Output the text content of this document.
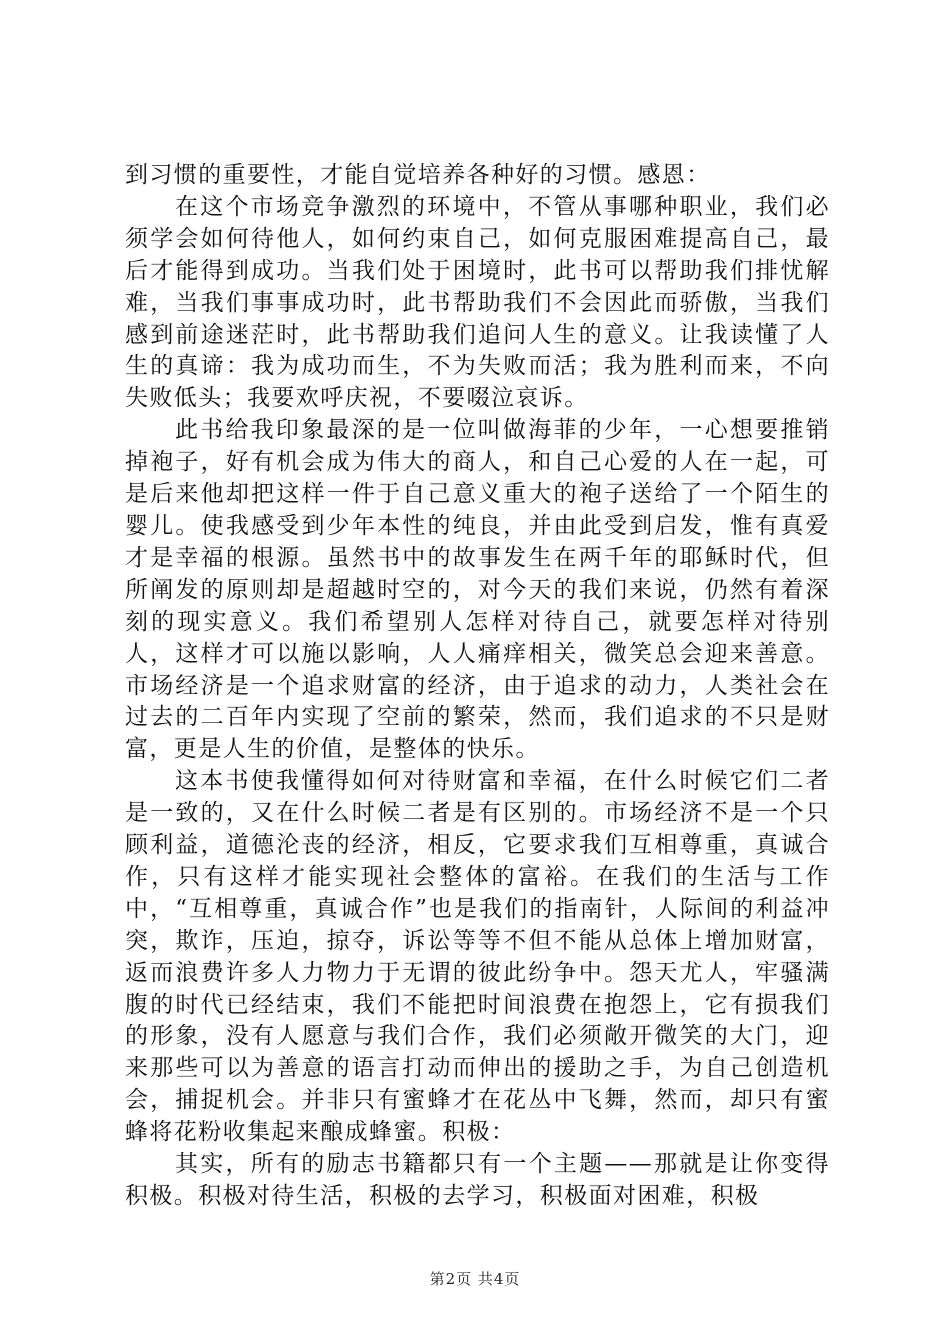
到习惯的重要性，才能自觉培养各种好的习惯。感恩：

在这个市场竞争激烈的环境中，不管从事哪种职业，我们必须学会如何待他人，如何约束自己，如何克服困难提高自己，最后才能得到成功。当我们处于困境时，此书可以帮助我们排忧解难，当我们事事成功时，此书帮助我们不会因此而骄傲，当我们感到前途迷茫时，此书帮助我们追问人生的意义。让我读懂了人生的真谛：我为成功而生，不为失败而活；我为胜利而来，不向失败低头；我要欢呼庆祝，不要啜泣哀诉。

此书给我印象最深的是一位叫做海菲的少年，一心想要推销掉袍子，好有机会成为伟大的商人，和自己心爱的人在一起，可是后来他却把这样一件于自己意义重大的袍子送给了一个陌生的婴儿。使我感受到少年本性的纯良，并由此受到启发，惟有真爱才是幸福的根源。虽然书中的故事发生在两千年的耶稣时代，但所阐发的原则却是超越时空的，对今天的我们来说，仍然有着深刻的现实意义。我们希望别人怎样对待自己，就要怎样对待别人，这样才可以施以影响，人人痛痒相关，微笑总会迎来善意。市场经济是一个追求财富的经济，由于追求的动力，人类社会在过去的二百年内实现了空前的繁荣，然而，我们追求的不只是财富，更是人生的价值，是整体的快乐。

这本书使我懂得如何对待财富和幸福，在什么时候它们二者是一致的，又在什么时候二者是有区别的。市场经济不是一个只顾利益，道德沦丧的经济，相反，它要求我们互相尊重，真诚合作，只有这样才能实现社会整体的富裕。在我们的生活与工作中，“互相尊重，真诚合作”也是我们的指南针，人际间的利益冲突，欺诈，压迫，掠夺，诉讼等等不但不能从总体上增加财富，返而浪费许多人力物力于无谓的彼此纷争中。怨天尤人，牢骚满腹的时代已经结束，我们不能把时间浪费在抱怨上，它有损我们的形象，没有人愿意与我们合作，我们必须敞开微笑的大门，迎来那些可以为善意的语言打动而伸出的援助之手，为自己创造机会，捕捉机会。并非只有蜜蜂才在花丛中飞舞，然而，却只有蜜蜂将花粉收集起来酿成蜂蜜。积极：

其实，所有的励志书籍都只有一个主题——那就是让你变得积极。积极对待生活，积极的去学习，积极面对困难，积极

第2页 共4页
